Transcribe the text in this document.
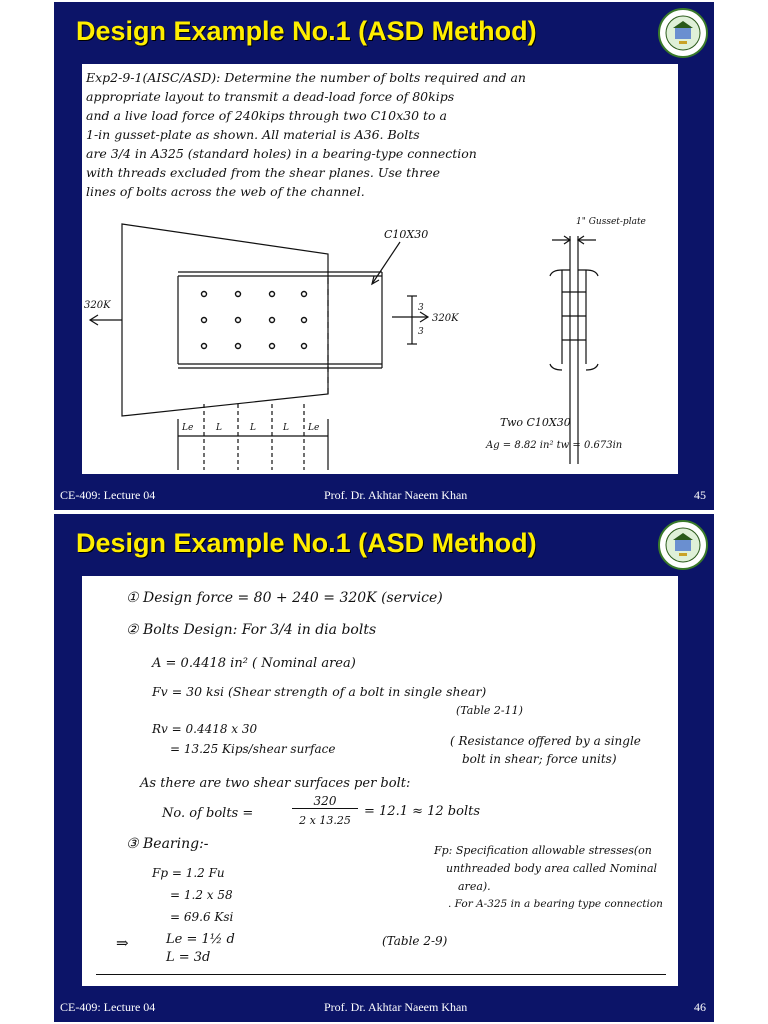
Design Example No.1 (ASD Method)
Exp2-9-1(AISC/ASD): Determine the number of bolts required and an
appropriate layout to transmit a dead-load force of 80kips
and a live load force of 240kips through two C10x30 to a
1-in gusset-plate as shown. All material is A36. Bolts
are 3/4 in A325 (standard holes) in a bearing-type connection
with threads excluded from the shear planes. Use three
lines of bolts across the web of the channel.
C10X30
320K
320K
3
3
Le	L	L	L Le
1" Gusset-plate
Two C10X30
Ag = 8.82 in² tw = 0.673in
CE-409: Lecture 04	Prof. Dr. Akhtar Naeem Khan	45
Design Example No.1 (ASD Method)
① Design force = 80 + 240 = 320K (service)
② Bolts Design: For 3/4 in dia bolts
A = 0.4418 in² ( Nominal area)
Fv = 30 ksi (Shear strength of a bolt in single shear)
(Table 2-11)
Rv = 0.4418 x 30
= 13.25 Kips/shear surface
( Resistance offered by a single
bolt in shear; force units)
As there are two shear surfaces per bolt:
No. of bolts =
320
2 x 13.25
= 12.1 ≈ 12 bolts
③ Bearing:-
Fp = 1.2 Fu
= 1.2 x 58
= 69.6 Ksi
Fp: Specification allowable stresses(on
unthreaded body area called Nominal
area).
. For A-325 in a bearing type connection
⇒	Le = 1½ d
L = 3d
(Table 2-9)
CE-409: Lecture 04	Prof. Dr. Akhtar Naeem Khan	46
